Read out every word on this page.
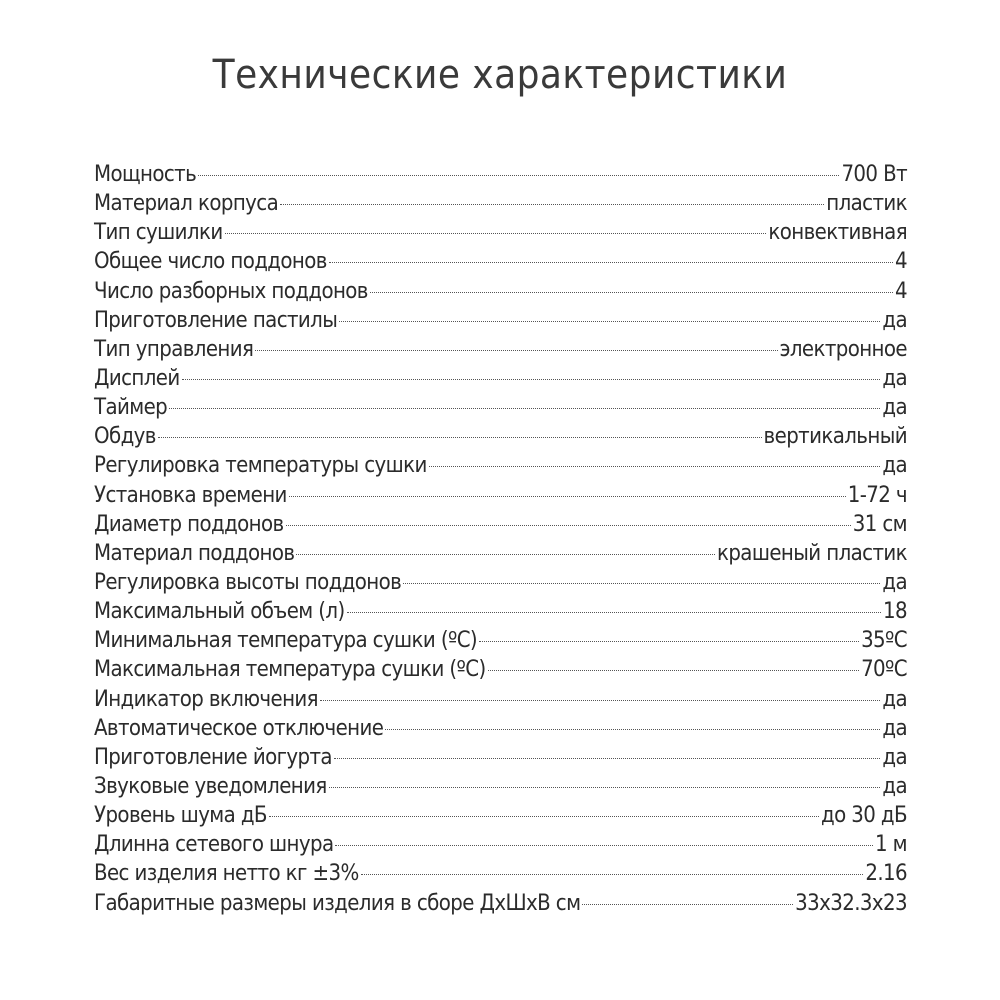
Технические характеристики
Мощность	700 Вт
Материал корпуса	пластик
Тип сушилки	конвективная
Общее число поддонов	4
Число разборных поддонов	4
Приготовление пастилы	да
Тип управления	электронное
Дисплей	да
Таймер	да
Обдув	вертикальный
Регулировка температуры сушки	да
Установка времени	1-72 ч
Диаметр поддонов	31 см
Материал поддонов	крашеный пластик
Регулировка высоты поддонов	да
Максимальный объем (л)	18
Минимальная температура сушки (ºC)	35ºC
Максимальная температура сушки (ºC)	70ºC
Индикатор включения	да
Автоматическое отключение	да
Приготовление йогурта	да
Звуковые уведомления	да
Уровень шума дБ	до 30 дБ
Длинна сетевого шнура	1 м
Вес изделия нетто кг ±3%	2.16
Габаритные размеры изделия в сборе ДхШхВ см	33х32.3х23
